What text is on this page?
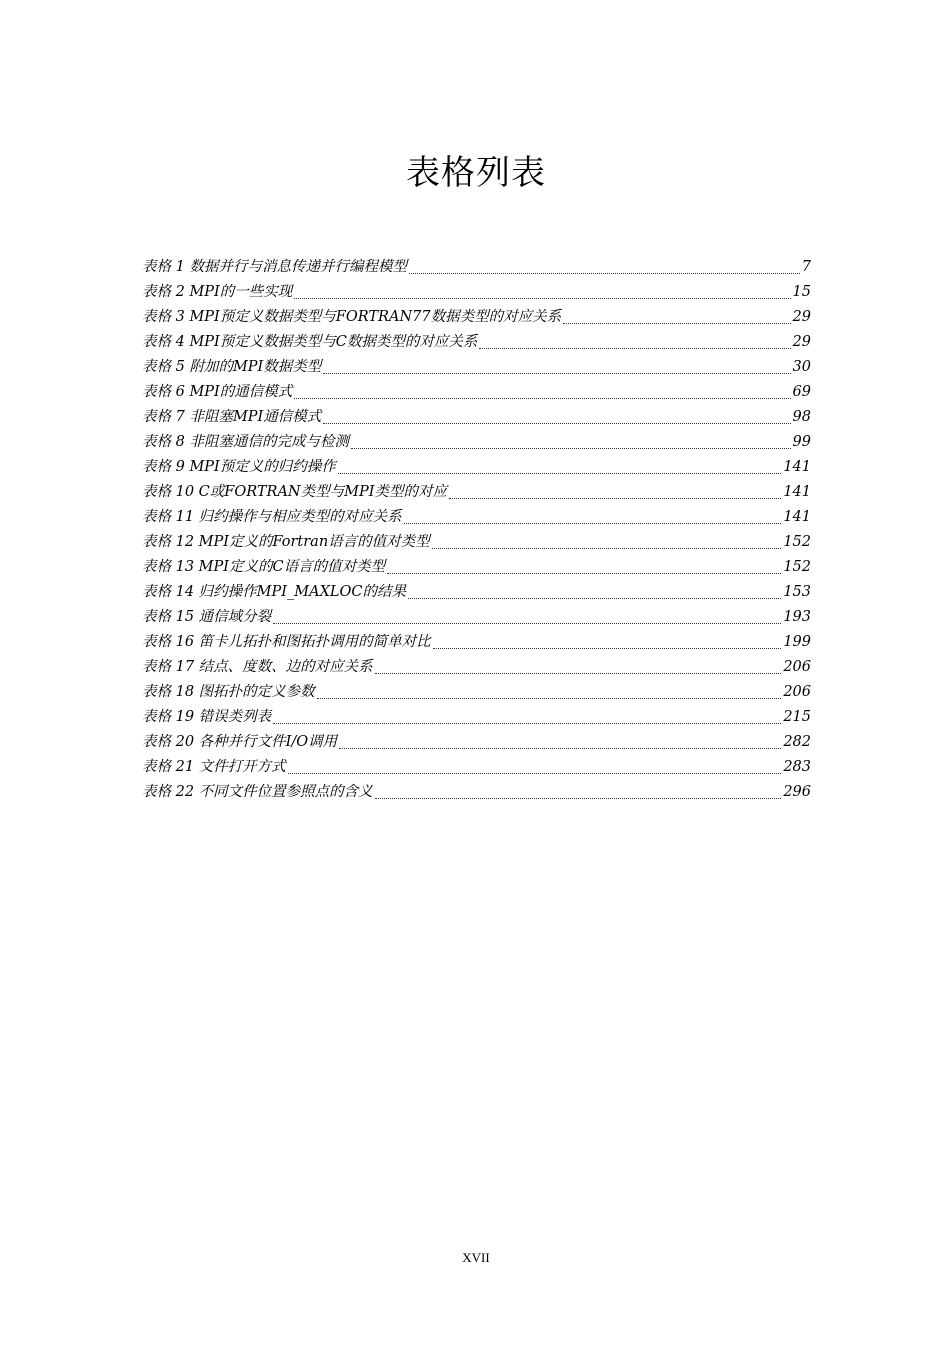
表格列表
表格 1 数据并行与消息传递并行编程模型	7
表格 2 MPI的一些实现	15
表格 3 MPI预定义数据类型与FORTRAN77数据类型的对应关系	29
表格 4 MPI预定义数据类型与C数据类型的对应关系	29
表格 5 附加的MPI数据类型	30
表格 6 MPI的通信模式	69
表格 7 非阻塞MPI通信模式	98
表格 8 非阻塞通信的完成与检测	99
表格 9 MPI预定义的归约操作	141
表格 10 C或FORTRAN类型与MPI类型的对应	141
表格 11 归约操作与相应类型的对应关系	141
表格 12 MPI定义的Fortran语言的值对类型	152
表格 13 MPI定义的C语言的值对类型	152
表格 14 归约操作MPI_MAXLOC的结果	153
表格 15 通信域分裂	193
表格 16 笛卡儿拓扑和图拓扑调用的简单对比	199
表格 17 结点、度数、边的对应关系	206
表格 18 图拓扑的定义参数	206
表格 19 错误类列表	215
表格 20 各种并行文件I/O调用	282
表格 21 文件打开方式	283
表格 22 不同文件位置参照点的含义	296
XVII
